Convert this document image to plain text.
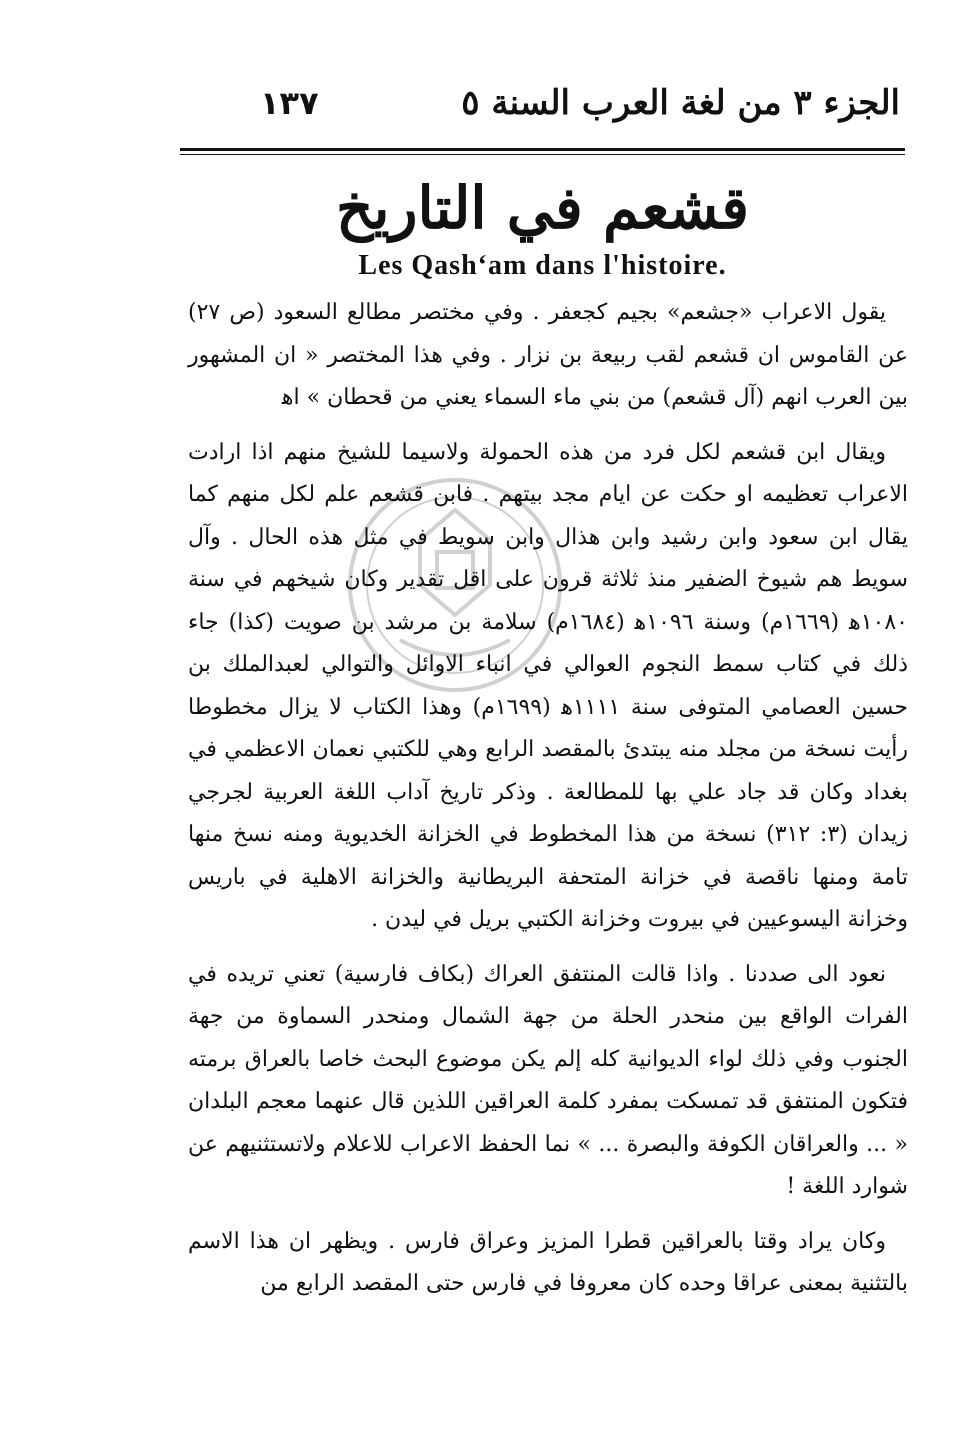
الجزء ٣ من لغة العرب السنة ٥
١٣٧
قشعم في التاريخ
Les Qash‘am dans l'histoire.

يقول الاعراب «جشعم» بجيم كجعفر . وفي مختصر مطالع السعود (ص ٢٧) عن القاموس ان قشعم لقب ربيعة بن نزار . وفي هذا المختصر « ان المشهور بين العرب انهم (آل قشعم) من بني ماء السماء يعني من قحطان » اﻫ

ويقال ابن قشعم لكل فرد من هذه الحمولة ولاسيما للشيخ منهم اذا ارادت الاعراب تعظيمه او حكت عن ايام مجد بيتهم . فابن قشعم علم لكل منهم كما يقال ابن سعود وابن رشيد وابن هذال وابن سويط في مثل هذه الحال . وآل سويط هم شيوخ الضفير منذ ثلاثة قرون على اقل تقدير وكان شيخهم في سنة ١٠٨٠ﻫ (١٦٦٩م) وسنة ١٠٩٦ﻫ (١٦٨٤م) سلامة بن مرشد بن صويت (كذا) جاء ذلك في كتاب سمط النجوم العوالي في انباء الاوائل والتوالي لعبدالملك بن حسين العصامي المتوفى سنة ١١١١ﻫ (١٦٩٩م) وهذا الكتاب لا يزال مخطوطا رأيت نسخة من مجلد منه يبتدئ بالمقصد الرابع وهي للكتبي نعمان الاعظمي في بغداد وكان قد جاد علي بها للمطالعة . وذكر تاريخ آداب اللغة العربية لجرجي زيدان (٣: ٣١٢) نسخة من هذا المخطوط في الخزانة الخديوية ومنه نسخ منها تامة ومنها ناقصة في خزانة المتحفة البريطانية والخزانة الاهلية في باريس وخزانة اليسوعيين في بيروت وخزانة الكتبي بريل في ليدن .

نعود الى صددنا . واذا قالت المنتفق العراك (بكاف فارسية) تعني تريده في الفرات الواقع بين منحدر الحلة من جهة الشمال ومنحدر السماوة من جهة الجنوب وفي ذلك لواء الديوانية كله إلم يكن موضوع البحث خاصا بالعراق برمته فتكون المنتفق قد تمسكت بمفرد كلمة العراقين اللذين قال عنهما معجم البلدان « ... والعراقان الكوفة والبصرة ... » نما الحفظ الاعراب للاعلام ولاتستثنيهم عن شوارد اللغة !

وكان يراد وقتا بالعراقين قطرا المزيز وعراق فارس . ويظهر ان هذا الاسم بالتثنية بمعنى عراقا وحده كان معروفا في فارس حتى المقصد الرابع من
